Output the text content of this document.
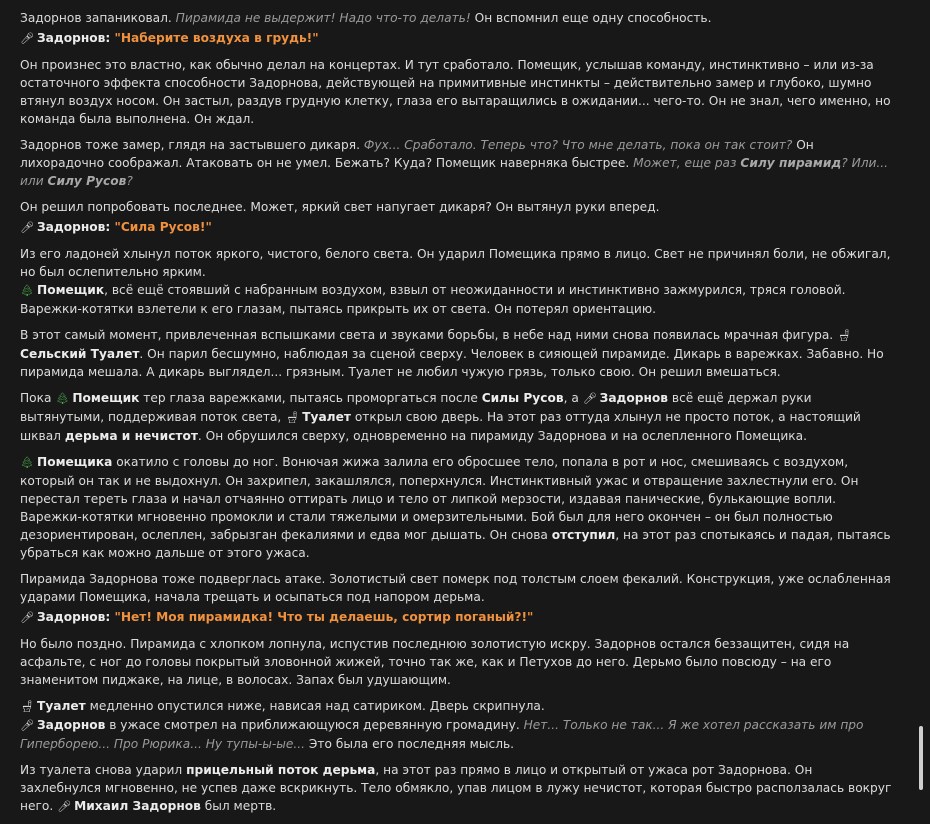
Задорнов запаниковал. Пирамида не выдержит! Надо что-то делать! Он вспомнил еще одну способность.
🎤︎ Задорнов: "Наберите воздуха в грудь!"
Он произнес это властно, как обычно делал на концертах. И тут сработало. Помещик, услышав команду, инстинктивно – или из-за остаточного эффекта способности Задорнова, действующей на примитивные инстинкты – действительно замер и глубоко, шумно втянул воздух носом. Он застыл, раздув грудную клетку, глаза его вытаращились в ожидании... чего-то. Он не знал, чего именно, но команда была выполнена. Он ждал.
Задорнов тоже замер, глядя на застывшего дикаря. Фух... Сработало. Теперь что? Что мне делать, пока он так стоит? Он лихорадочно соображал. Атаковать он не умел. Бежать? Куда? Помещик наверняка быстрее. Может, еще раз Силу пирамид? Или... или Силу Русов?
Он решил попробовать последнее. Может, яркий свет напугает дикаря? Он вытянул руки вперед.
🎤︎ Задорнов: "Сила Русов!"
Из его ладоней хлынул поток яркого, чистого, белого света. Он ударил Помещика прямо в лицо. Свет не причинял боли, не обжигал, но был ослепительно ярким.
🌲︎ Помещик, всё ещё стоявший с набранным воздухом, взвыл от неожиданности и инстинктивно зажмурился, тряся головой. Варежки-котятки взлетели к его глазам, пытаясь прикрыть их от света. Он потерял ориентацию.
В этот самый момент, привлеченная вспышками света и звуками борьбы, в небе над ними снова появилась мрачная фигура. 🚽︎Сельский Туалет. Он парил бесшумно, наблюдая за сценой сверху. Человек в сияющей пирамиде. Дикарь в варежках. Забавно. Но пирамида мешала. А дикарь выглядел... грязным. Туалет не любил чужую грязь, только свою. Он решил вмешаться.
Пока 🌲︎ Помещик тер глаза варежками, пытаясь проморгаться после Силы Русов, а 🎤︎ Задорнов всё ещё держал руки вытянутыми, поддерживая поток света, 🚽︎ Туалет открыл свою дверь. На этот раз оттуда хлынул не просто поток, а настоящий шквал дерьма и нечистот. Он обрушился сверху, одновременно на пирамиду Задорнова и на ослепленного Помещика.
🌲︎ Помещика окатило с головы до ног. Вонючая жижа залила его обросшее тело, попала в рот и нос, смешиваясь с воздухом, который он так и не выдохнул. Он захрипел, закашлялся, поперхнулся. Инстинктивный ужас и отвращение захлестнули его. Он перестал тереть глаза и начал отчаянно оттирать лицо и тело от липкой мерзости, издавая панические, булькающие вопли. Варежки-котятки мгновенно промокли и стали тяжелыми и омерзительными. Бой был для него окончен – он был полностью дезориентирован, ослеплен, забрызган фекалиями и едва мог дышать. Он снова отступил, на этот раз спотыкаясь и падая, пытаясь убраться как можно дальше от этого ужаса.
Пирамида Задорнова тоже подверглась атаке. Золотистый свет померк под толстым слоем фекалий. Конструкция, уже ослабленная ударами Помещика, начала трещать и осыпаться под напором дерьма.
🎤︎ Задорнов: "Нет! Моя пирамидка! Что ты делаешь, сортир поганый?!"
Но было поздно. Пирамида с хлопком лопнула, испустив последнюю золотистую искру. Задорнов остался беззащитен, сидя на асфальте, с ног до головы покрытый зловонной жижей, точно так же, как и Петухов до него. Дерьмо было повсюду – на его знаменитом пиджаке, на лице, в волосах. Запах был удушающим.
🚽︎ Туалет медленно опустился ниже, нависая над сатириком. Дверь скрипнула.
🎤︎ Задорнов в ужасе смотрел на приближающуюся деревянную громадину. Нет... Только не так... Я же хотел рассказать им про Гиперборею... Про Рюрика... Ну тупы-ы-ые... Это была его последняя мысль.
Из туалета снова ударил прицельный поток дерьма, на этот раз прямо в лицо и открытый от ужаса рот Задорнова. Он захлебнулся мгновенно, не успев даже вскрикнуть. Тело обмякло, упав лицом в лужу нечистот, которая быстро расползалась вокруг него. 🎤︎ Михаил Задорнов был мертв.
